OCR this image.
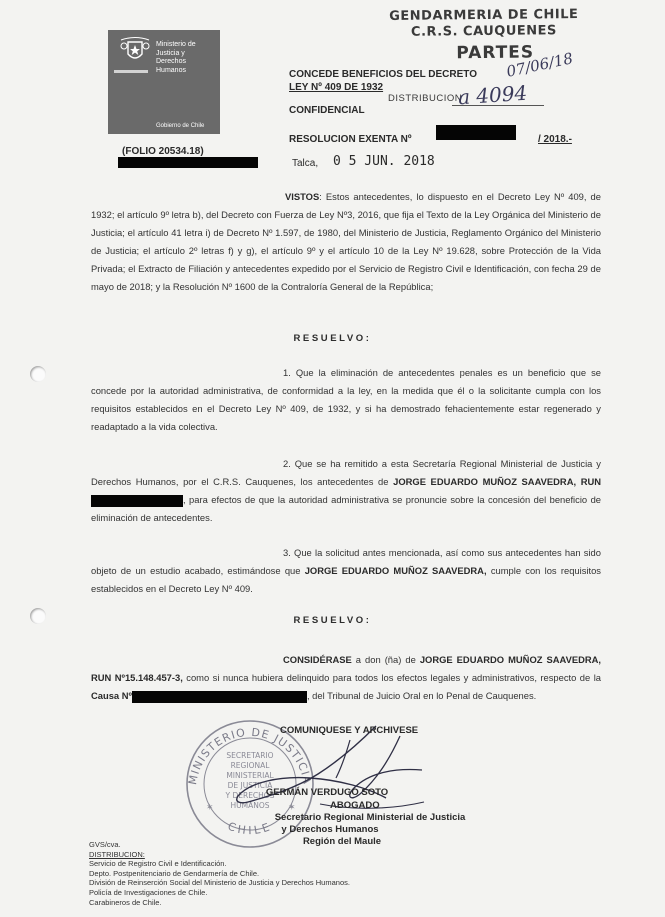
GENDARMERIA DE CHILE
C.R.S. CAUQUENES
PARTES
07/06/18
DISTRIBUCION
a 4094
Ministerio de
Justicia y
Derechos
Humanos
Gobierno de Chile
CONCEDE BENEFICIOS DEL DECRETO
LEY Nº 409 DE 1932
CONFIDENCIAL
RESOLUCION EXENTA Nº	/ 2018.-
(FOLIO 20534.18)
Talca, 0 5 JUN. 2018
VISTOS: Estos antecedentes, lo dispuesto en el Decreto Ley Nº 409, de 1932; el artículo 9º letra b), del Decreto con Fuerza de Ley Nº3, 2016, que fija el Texto de la Ley Orgánica del Ministerio de Justicia; el artículo 41 letra i) de Decreto Nº 1.597, de 1980, del Ministerio de Justicia, Reglamento Orgánico del Ministerio de Justicia; el artículo 2º letras f) y g), el artículo 9º y el artículo 10 de la Ley Nº 19.628, sobre Protección de la Vida Privada; el Extracto de Filiación y antecedentes expedido por el Servicio de Registro Civil e Identificación, con fecha 29 de mayo de 2018; y la Resolución Nº 1600 de la Contraloría General de la República;
RESUELVO:
1. Que la eliminación de antecedentes penales es un beneficio que se concede por la autoridad administrativa, de conformidad a la ley, en la medida que él o la solicitante cumpla con los requisitos establecidos en el Decreto Ley Nº 409, de 1932, y si ha demostrado fehacientemente estar regenerado y readaptado a la vida colectiva.
2. Que se ha remitido a esta Secretaría Regional Ministerial de Justicia y Derechos Humanos, por el C.R.S. Cauquenes, los antecedentes de JORGE EDUARDO MUÑOZ SAAVEDRA, RUN , para efectos de que la autoridad administrativa se pronuncie sobre la concesión del beneficio de eliminación de antecedentes.
3. Que la solicitud antes mencionada, así como sus antecedentes han sido objeto de un estudio acabado, estimándose que JORGE EDUARDO MUÑOZ SAAVEDRA, cumple con los requisitos establecidos en el Decreto Ley Nº 409.
RESUELVO:
CONSIDÉRASE a don (ña) de JORGE EDUARDO MUÑOZ SAAVEDRA, RUN Nº15.148.457-3, como si nunca hubiera delinquido para todos los efectos legales y administrativos, respecto de la Causa Nº	, del Tribunal de Juicio Oral en lo Penal de Cauquenes.
MINISTERIO DE JUSTICIA
CHILE
SECRETARIO
REGIONAL
MINISTERIAL
DE JUSTICIA
Y DERECHOS
HUMANOS
✶	✶
COMUNIQUESE Y ARCHIVESE
GERMÁN VERDUGO SOTO
ABOGADO
Secretario Regional Ministerial de Justicia
y Derechos Humanos
Región del Maule
GVS/cva.
DISTRIBUCION:
Servicio de Registro Civil e Identificación.
Depto. Postpenitenciario de Gendarmería de Chile.
División de Reinserción Social del Ministerio de Justicia y Derechos Humanos.
Policía de Investigaciones de Chile.
Carabineros de Chile.
